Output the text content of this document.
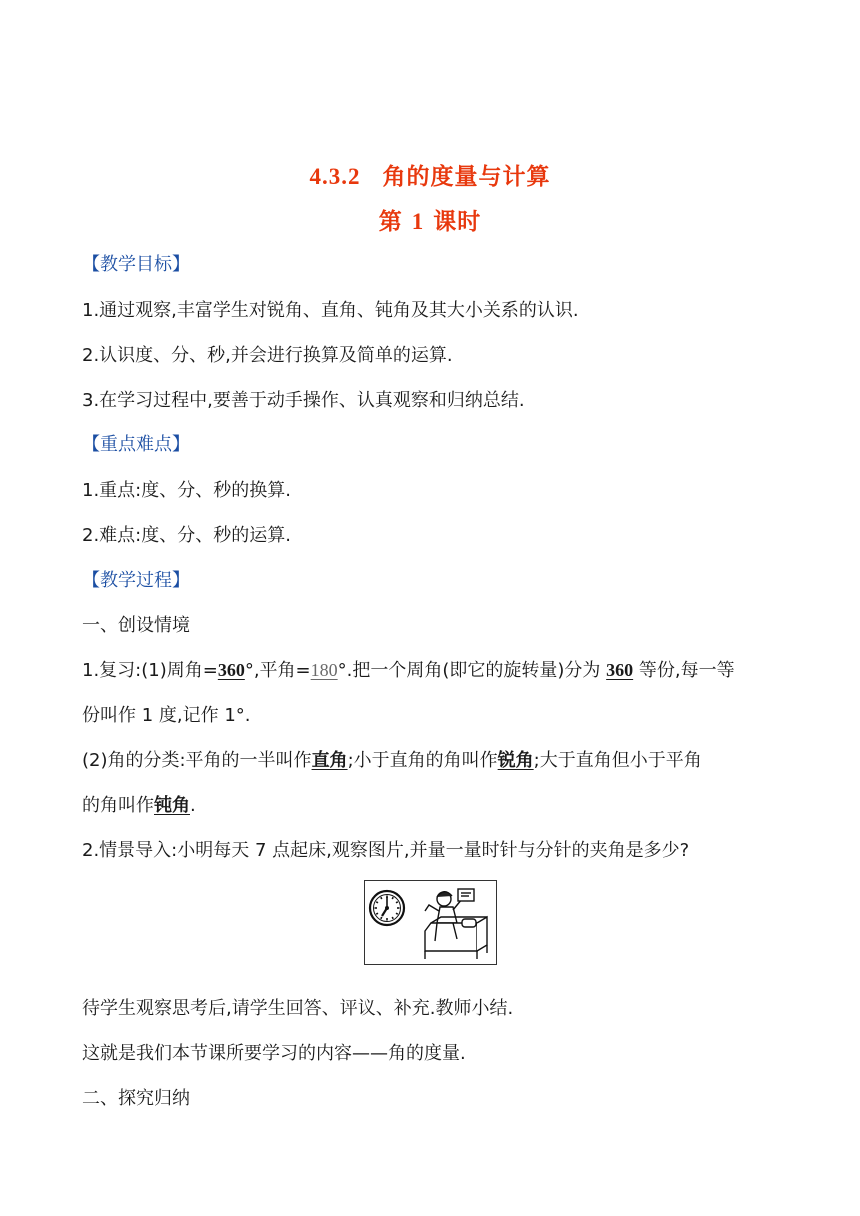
4.3.2 角的度量与计算
第 1 课时
【教学目标】
1.通过观察,丰富学生对锐角、直角、钝角及其大小关系的认识.
2.认识度、分、秒,并会进行换算及简单的运算.
3.在学习过程中,要善于动手操作、认真观察和归纳总结.
【重点难点】
1.重点:度、分、秒的换算.
2.难点:度、分、秒的运算.
【教学过程】
一、创设情境
1.复习:(1)周角=360°,平角=180°.把一个周角(即它的旋转量)分为 360 等份,每一等
份叫作 1 度,记作 1°.
(2)角的分类:平角的一半叫作直角;小于直角的角叫作锐角;大于直角但小于平角
的角叫作钝角.
2.情景导入:小明每天 7 点起床,观察图片,并量一量时针与分针的夹角是多少?
待学生观察思考后,请学生回答、评议、补充.教师小结.
这就是我们本节课所要学习的内容——角的度量.
二、探究归纳
